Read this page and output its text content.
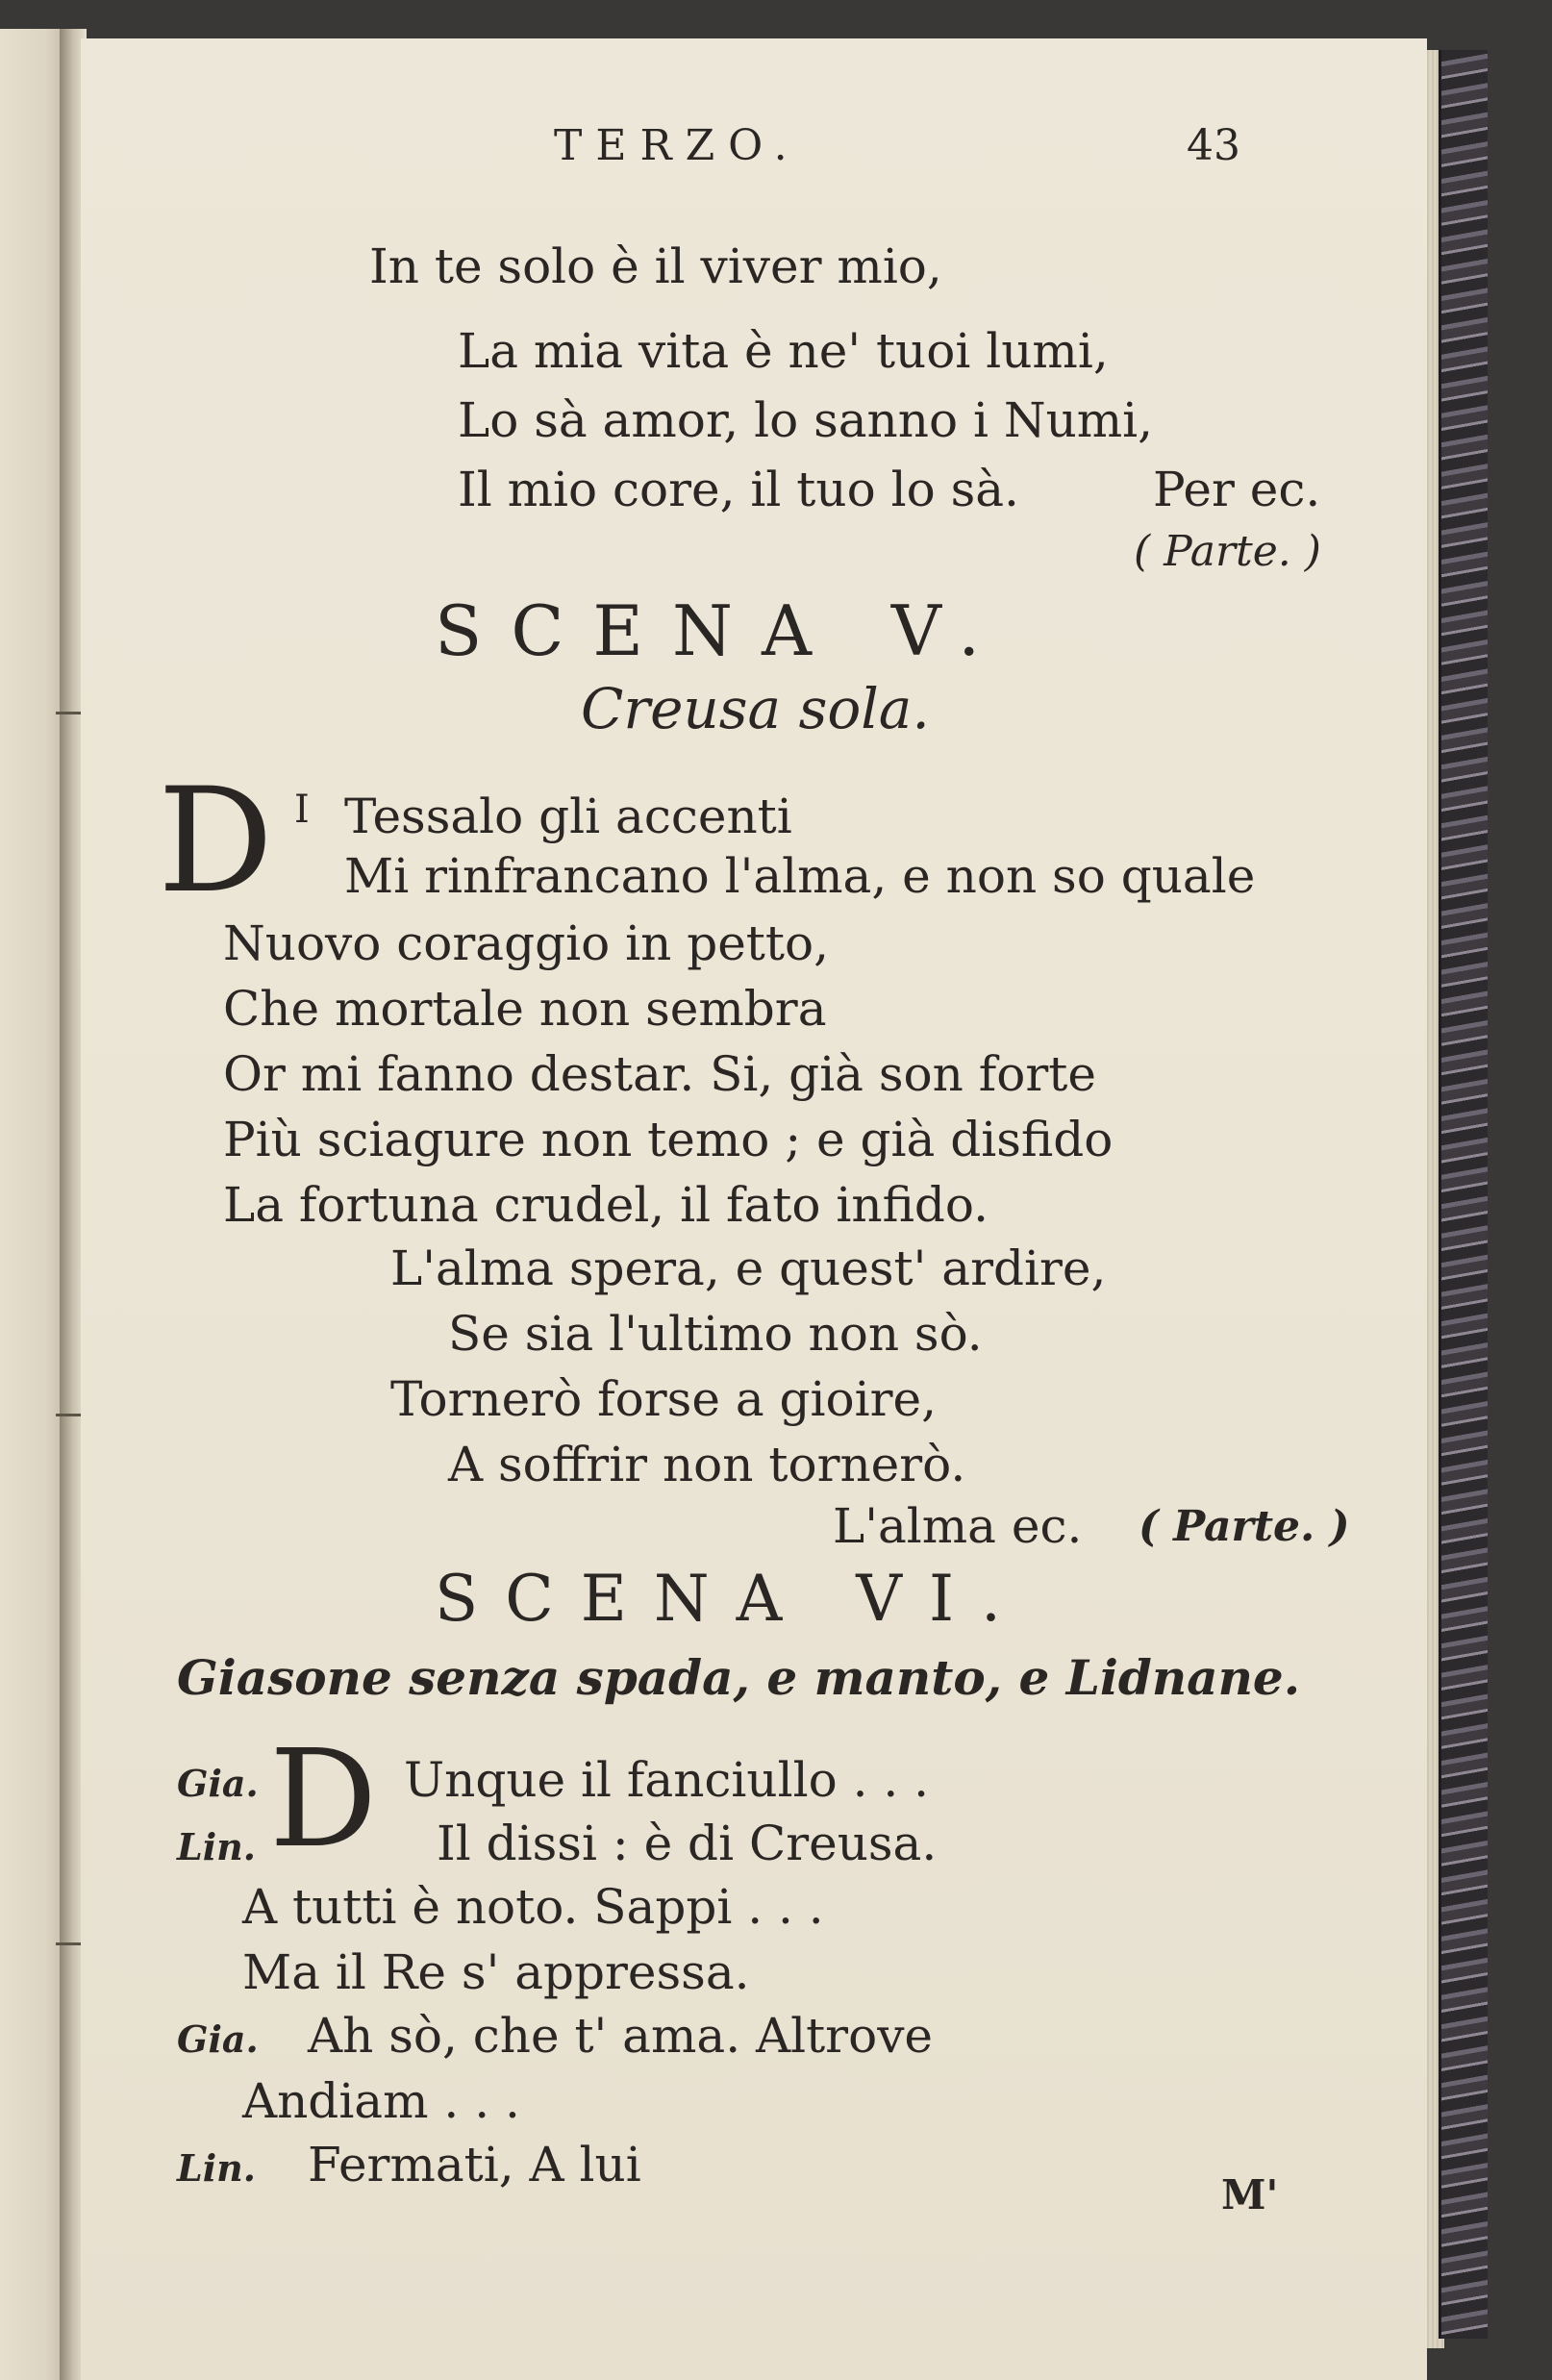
TERZO.	43
In te solo è il viver mio,
La mia vita è ne' tuoi lumi,
Lo sà amor, lo sanno i Numi,
Il mio core, il tuo lo sà.	Per ec.
( Parte. )
SCENA V.
Creusa sola.
D I Tessalo gli accenti
Mi rinfrancano l'alma, e non so quale
Nuovo coraggio in petto,
Che mortale non sembra
Or mi fanno destar. Si, già son forte
Più sciagure non temo ; e già disfido
La fortuna crudel, il fato infido.
L'alma spera, e quest' ardire,
Se sia l'ultimo non sò.
Tornerò forse a gioire,
A soffrir non tornerò.
L'alma ec. ( Parte. )
SCENA VI.
Giasone senza spada, e manto, e Lidnane.
Gia. D Unque il fanciullo . . .
Lin.	Il dissi : è di Creusa.
A tutti è noto. Sappi . . .
Ma il Re s' appressa.
Gia. Ah sò, che t' ama. Altrove
Andiam . . .
Lin. Fermati, A lui
M'
